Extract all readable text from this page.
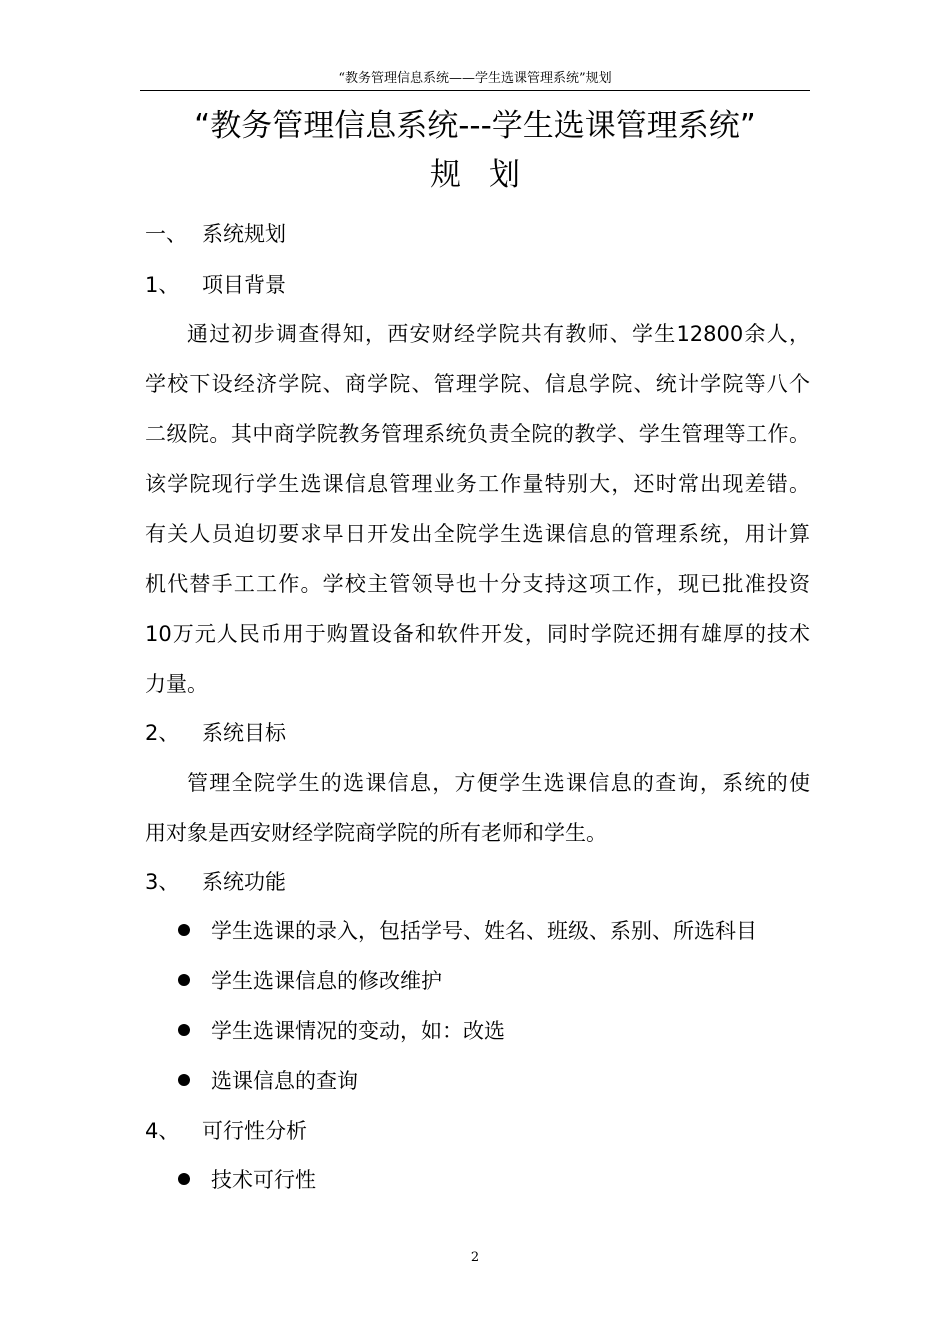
“教务管理信息系统——学生选课管理系统”规划
“教务管理信息系统---学生选课管理系统”
规划
一、 系统规划
1、 项目背景
通过初步调查得知，西安财经学院共有教师、学生12800余人，
学校下设经济学院、商学院、管理学院、信息学院、统计学院等八个
二级院。其中商学院教务管理系统负责全院的教学、学生管理等工作。
该学院现行学生选课信息管理业务工作量特别大，还时常出现差错。
有关人员迫切要求早日开发出全院学生选课信息的管理系统，用计算
机代替手工工作。学校主管领导也十分支持这项工作，现已批准投资
10万元人民币用于购置设备和软件开发，同时学院还拥有雄厚的技术
力量。
2、 系统目标
管理全院学生的选课信息，方便学生选课信息的查询，系统的使
用对象是西安财经学院商学院的所有老师和学生。
3、 系统功能
学生选课的录入，包括学号、姓名、班级、系别、所选科目
学生选课信息的修改维护
学生选课情况的变动，如：改选
选课信息的查询
4、 可行性分析
技术可行性
2
